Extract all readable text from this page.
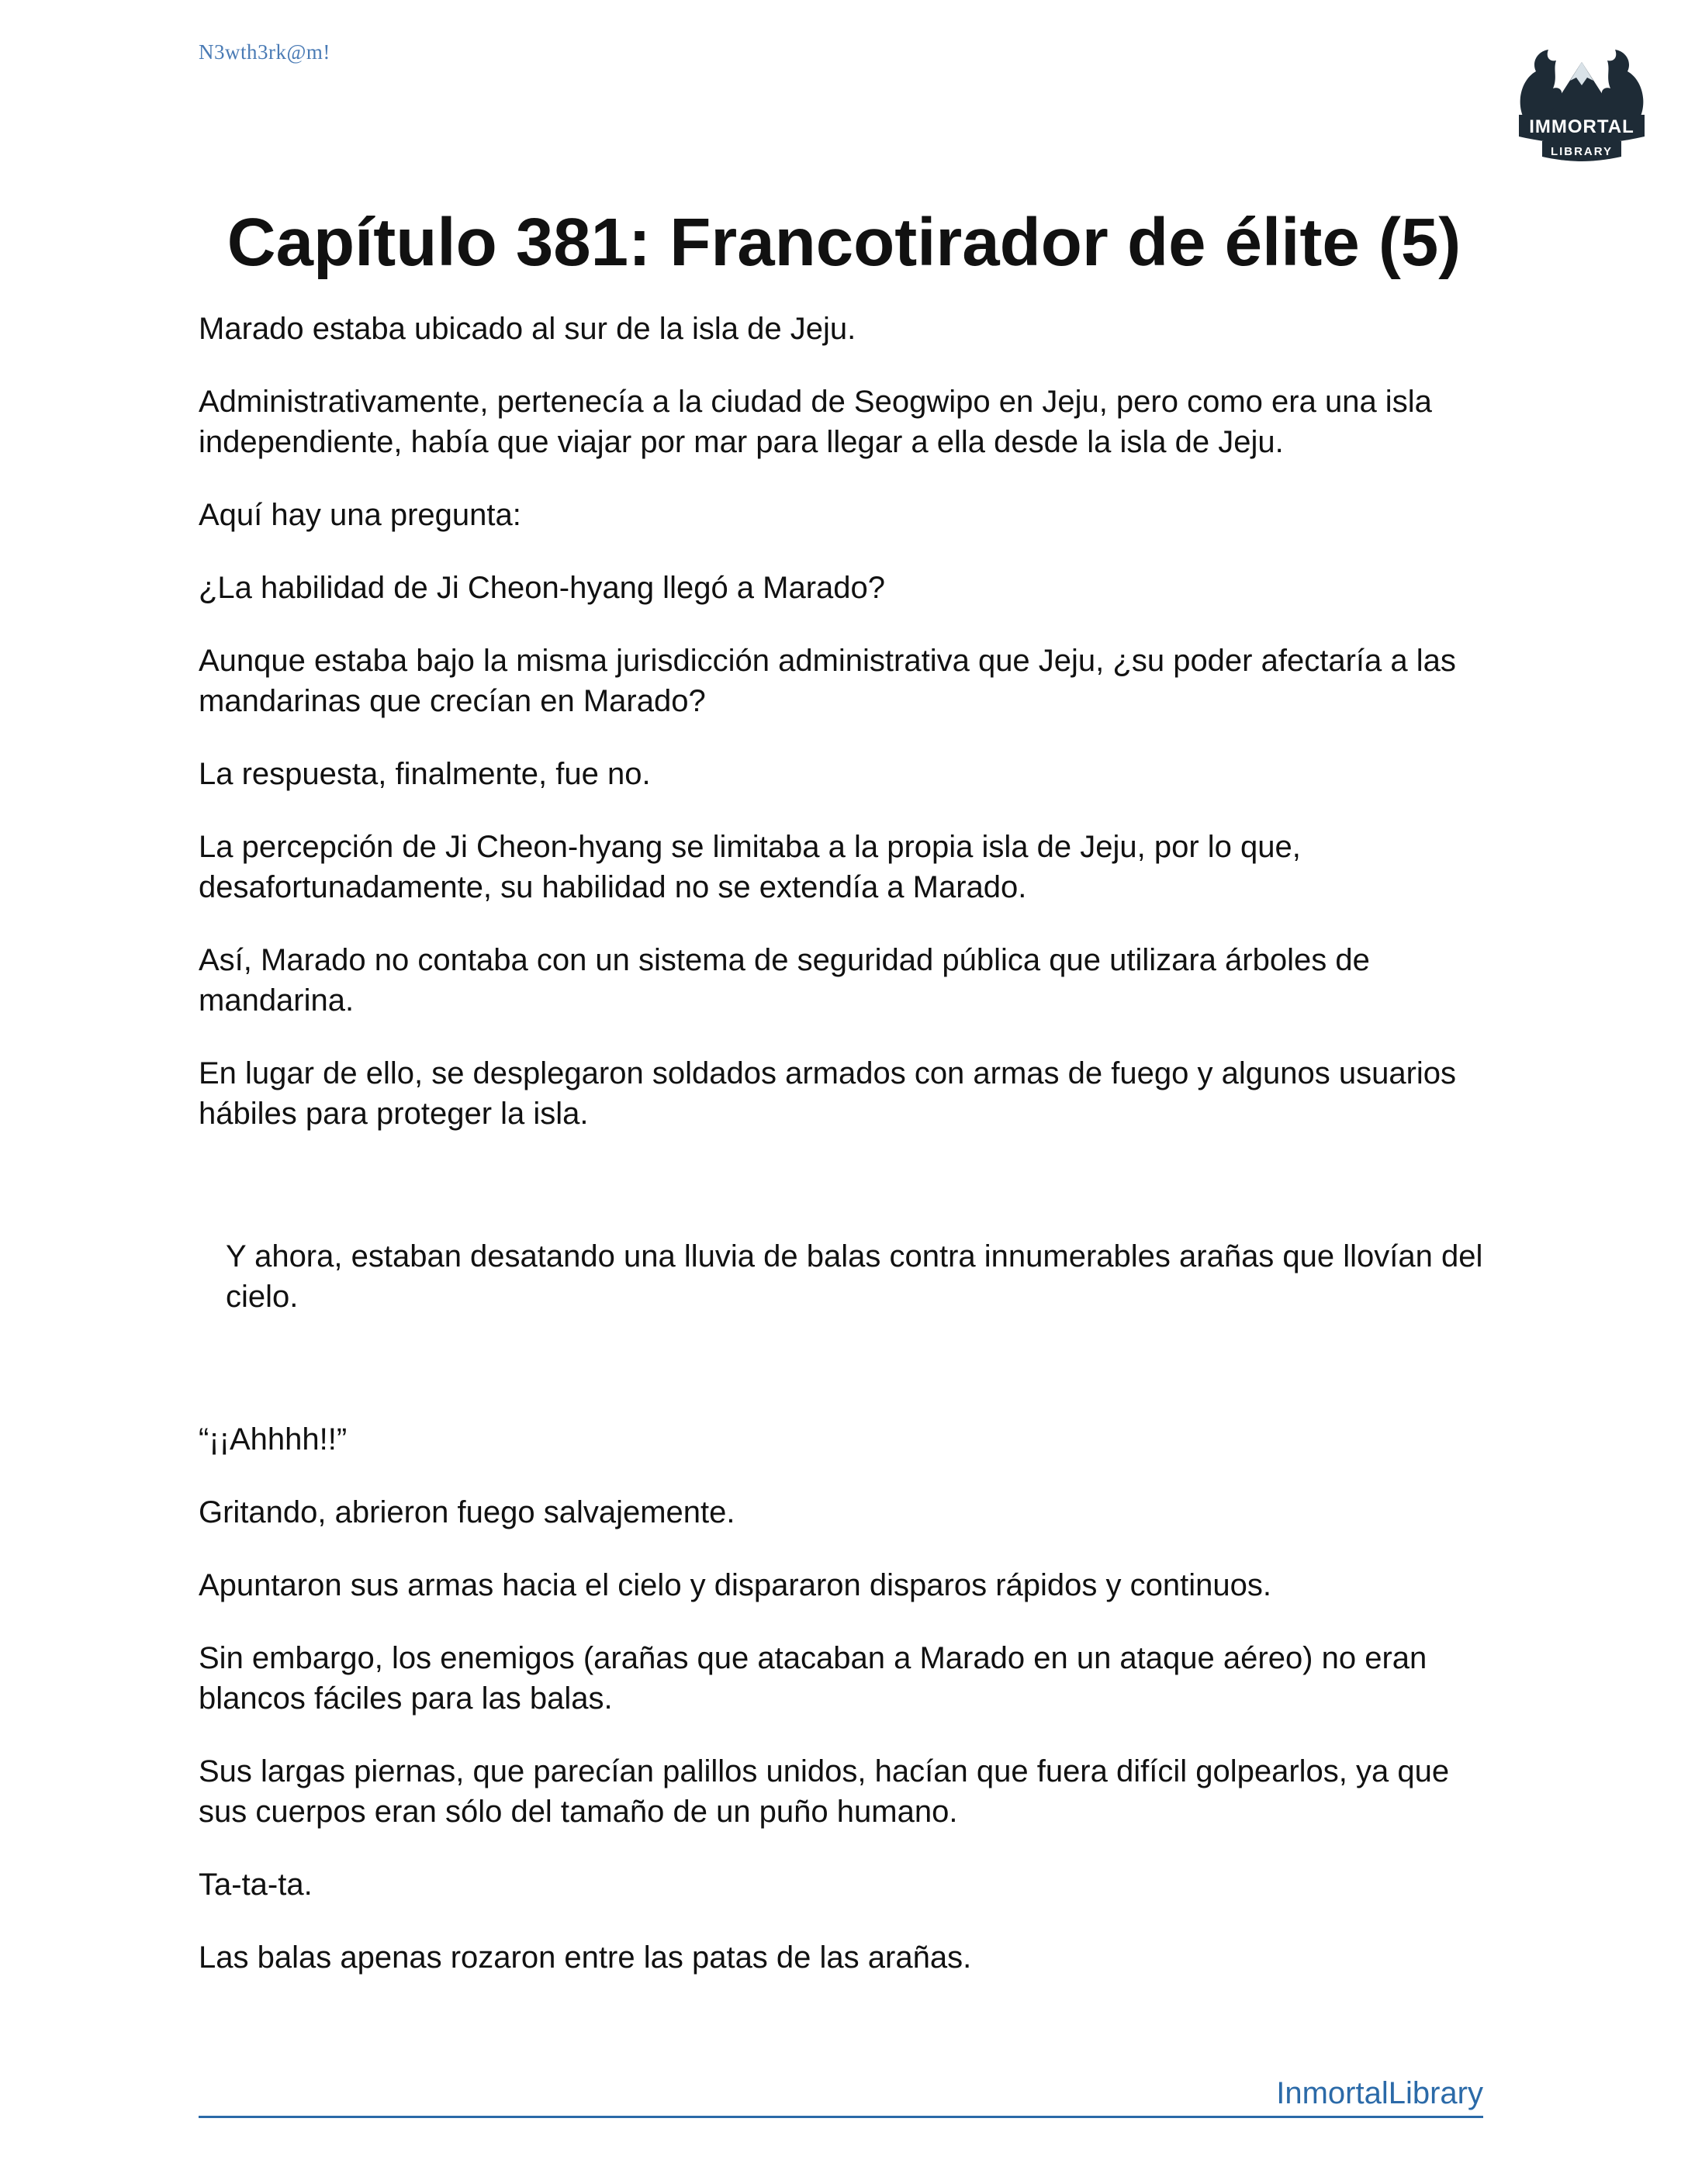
N3wth3rk@m!
IMMORTAL
LIBRARY
Capítulo 381: Francotirador de élite (5)

Marado estaba ubicado al sur de la isla de Jeju.

Administrativamente, pertenecía a la ciudad de Seogwipo en Jeju, pero como era una isla independiente, había que viajar por mar para llegar a ella desde la isla de Jeju.

Aquí hay una pregunta:

¿La habilidad de Ji Cheon-hyang llegó a Marado?

Aunque estaba bajo la misma jurisdicción administrativa que Jeju, ¿su poder afectaría a las mandarinas que crecían en Marado?

La respuesta, finalmente, fue no.

La percepción de Ji Cheon-hyang se limitaba a la propia isla de Jeju, por lo que, desafortunadamente, su habilidad no se extendía a Marado.

Así, Marado no contaba con un sistema de seguridad pública que utilizara árboles de mandarina.

En lugar de ello, se desplegaron soldados armados con armas de fuego y algunos usuarios hábiles para proteger la isla.

Y ahora, estaban desatando una lluvia de balas contra innumerables arañas que llovían del cielo.

“¡¡Ahhhh!!”

Gritando, abrieron fuego salvajemente.

Apuntaron sus armas hacia el cielo y dispararon disparos rápidos y continuos.

Sin embargo, los enemigos (arañas que atacaban a Marado en un ataque aéreo) no eran blancos fáciles para las balas.

Sus largas piernas, que parecían palillos unidos, hacían que fuera difícil golpearlos, ya que sus cuerpos eran sólo del tamaño de un puño humano.

Ta-ta-ta.

Las balas apenas rozaron entre las patas de las arañas.

InmortalLibrary
